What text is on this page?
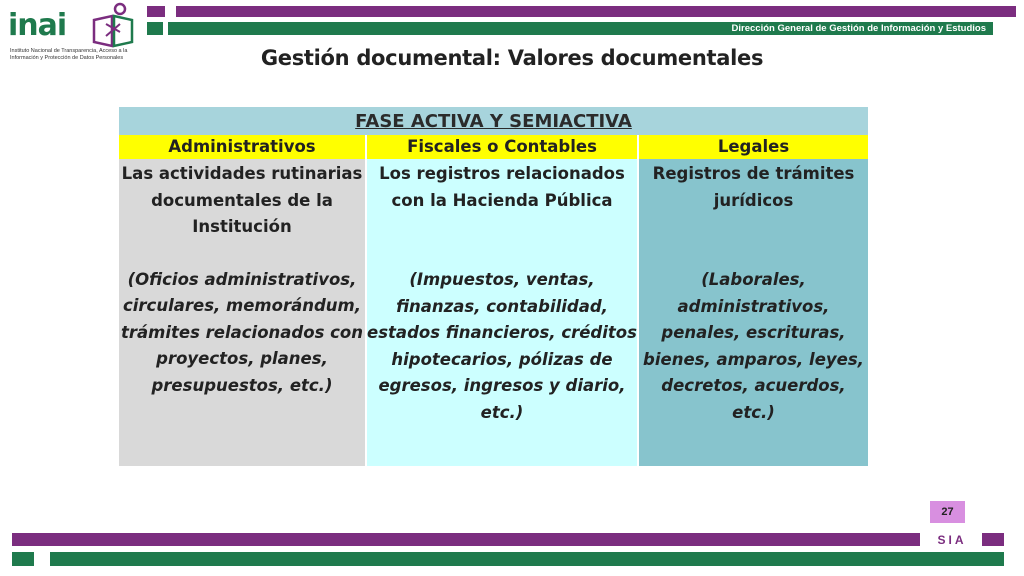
inai
Instituto Nacional de Transparencia, Acceso a la Información y Protección de Datos Personales
Dirección General de Gestión de Información y Estudios
Gestión documental: Valores documentales
FASE ACTIVA Y SEMIACTIVA
Administrativos	Fiscales o Contables	Legales
Las actividades rutinarias documentales de la Institución
(Oficios administrativos, circulares, memorándum, trámites relacionados con proyectos, planes, presupuestos, etc.)
Los registros relacionados con la Hacienda Pública
(Impuestos, ventas, finanzas, contabilidad, estados financieros, créditos hipotecarios, pólizas de egresos, ingresos y diario, etc.)
Registros de trámites jurídicos
(Laborales, administrativos, penales, escrituras, bienes, amparos, leyes, decretos, acuerdos, etc.)
27
SIA
